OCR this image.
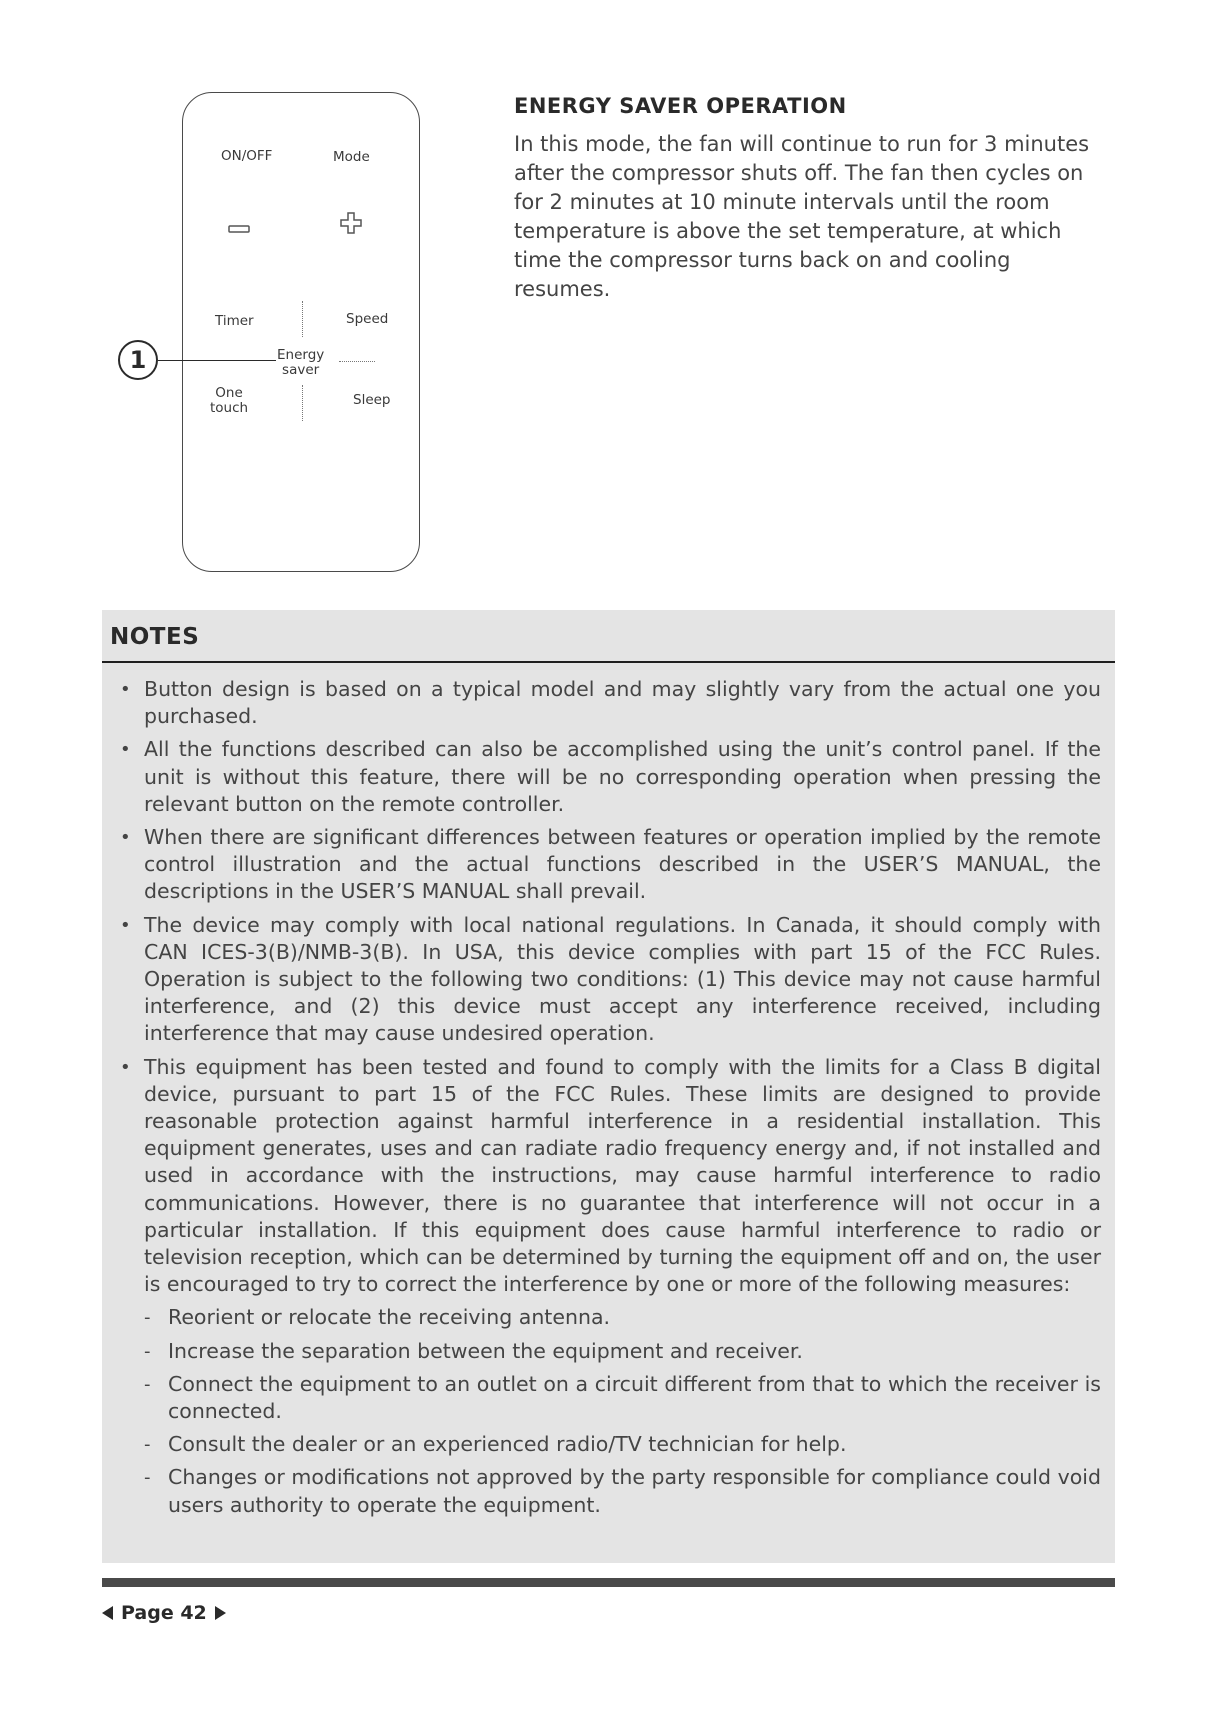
ON/OFF	Mode
Timer	Speed
Energy
saver
One
touch	Sleep
1
ENERGY SAVER OPERATION

In this mode, the fan will continue to run for 3 minutes after the compressor shuts off. The fan then cycles on for 2 minutes at 10 minute intervals until the room temperature is above the set temperature, at which time the compressor turns back on and cooling resumes.

NOTES
• Button design is based on a typical model and may slightly vary from the actual one you purchased.
• All the functions described can also be accomplished using the unit’s control panel. If the unit is without this feature, there will be no corresponding operation when pressing the relevant button on the remote controller.
• When there are significant differences between features or operation implied by the remote control illustration and the actual functions described in the USER’S MANUAL, the descriptions in the USER’S MANUAL shall prevail.
• The device may comply with local national regulations. In Canada, it should comply with CAN ICES-3(B)/NMB-3(B). In USA, this device complies with part 15 of the FCC Rules. Operation is subject to the following two conditions: (1) This device may not cause harmful interference, and (2) this device must accept any interference received, including interference that may cause undesired operation.
• This equipment has been tested and found to comply with the limits for a Class B digital device, pursuant to part 15 of the FCC Rules. These limits are designed to provide reasonable protection against harmful interference in a residential installation. This equipment generates, uses and can radiate radio frequency energy and, if not installed and used in accordance with the instructions, may cause harmful interference to radio communications. However, there is no guarantee that interference will not occur in a particular installation. If this equipment does cause harmful interference to radio or television reception, which can be determined by turning the equipment off and on, the user is encouraged to try to correct the interference by one or more of the following measures:
- Reorient or relocate the receiving antenna.
- Increase the separation between the equipment and receiver.
- Connect the equipment to an outlet on a circuit different from that to which the receiver is connected.
- Consult the dealer or an experienced radio/TV technician for help.
- Changes or modifications not approved by the party responsible for compliance could void users authority to operate the equipment.
Page 42
